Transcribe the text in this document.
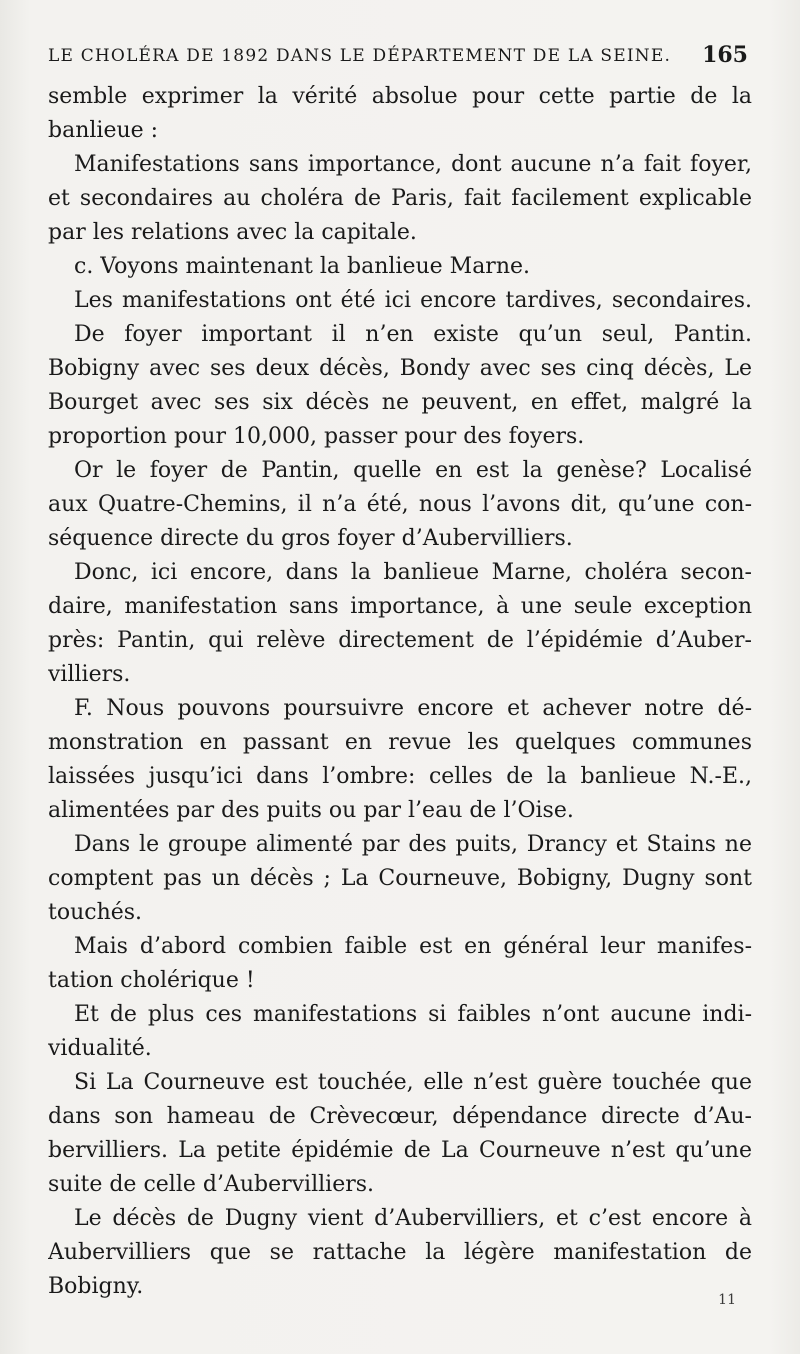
LE CHOLÉRA DE 1892 DANS LE DÉPARTEMENT DE LA SEINE. 165
semble exprimer la vérité absolue pour cette partie de la
banlieue :
Manifestations sans importance, dont aucune n’a fait foyer,
et secondaires au choléra de Paris, fait facilement explicable
par les relations avec la capitale.
c. Voyons maintenant la banlieue Marne.
Les manifestations ont été ici encore tardives, secondaires.
De foyer important il n’en existe qu’un seul, Pantin.
Bobigny avec ses deux décès, Bondy avec ses cinq décès, Le
Bourget avec ses six décès ne peuvent, en effet, malgré la
proportion pour 10,000, passer pour des foyers.
Or le foyer de Pantin, quelle en est la genèse? Localisé
aux Quatre-Chemins, il n’a été, nous l’avons dit, qu’une con-
séquence directe du gros foyer d’Aubervilliers.
Donc, ici encore, dans la banlieue Marne, choléra secon-
daire, manifestation sans importance, à une seule exception
près: Pantin, qui relève directement de l’épidémie d’Auber-
villiers.
F. Nous pouvons poursuivre encore et achever notre dé-
monstration en passant en revue les quelques communes
laissées jusqu’ici dans l’ombre: celles de la banlieue N.-E.,
alimentées par des puits ou par l’eau de l’Oise.
Dans le groupe alimenté par des puits, Drancy et Stains ne
comptent pas un décès ; La Courneuve, Bobigny, Dugny sont
touchés.
Mais d’abord combien faible est en général leur manifes-
tation cholérique !
Et de plus ces manifestations si faibles n’ont aucune indi-
vidualité.
Si La Courneuve est touchée, elle n’est guère touchée que
dans son hameau de Crèvecœur, dépendance directe d’Au-
bervilliers. La petite épidémie de La Courneuve n’est qu’une
suite de celle d’Aubervilliers.
Le décès de Dugny vient d’Aubervilliers, et c’est encore à
Aubervilliers que se rattache la légère manifestation de
Bobigny.
11
